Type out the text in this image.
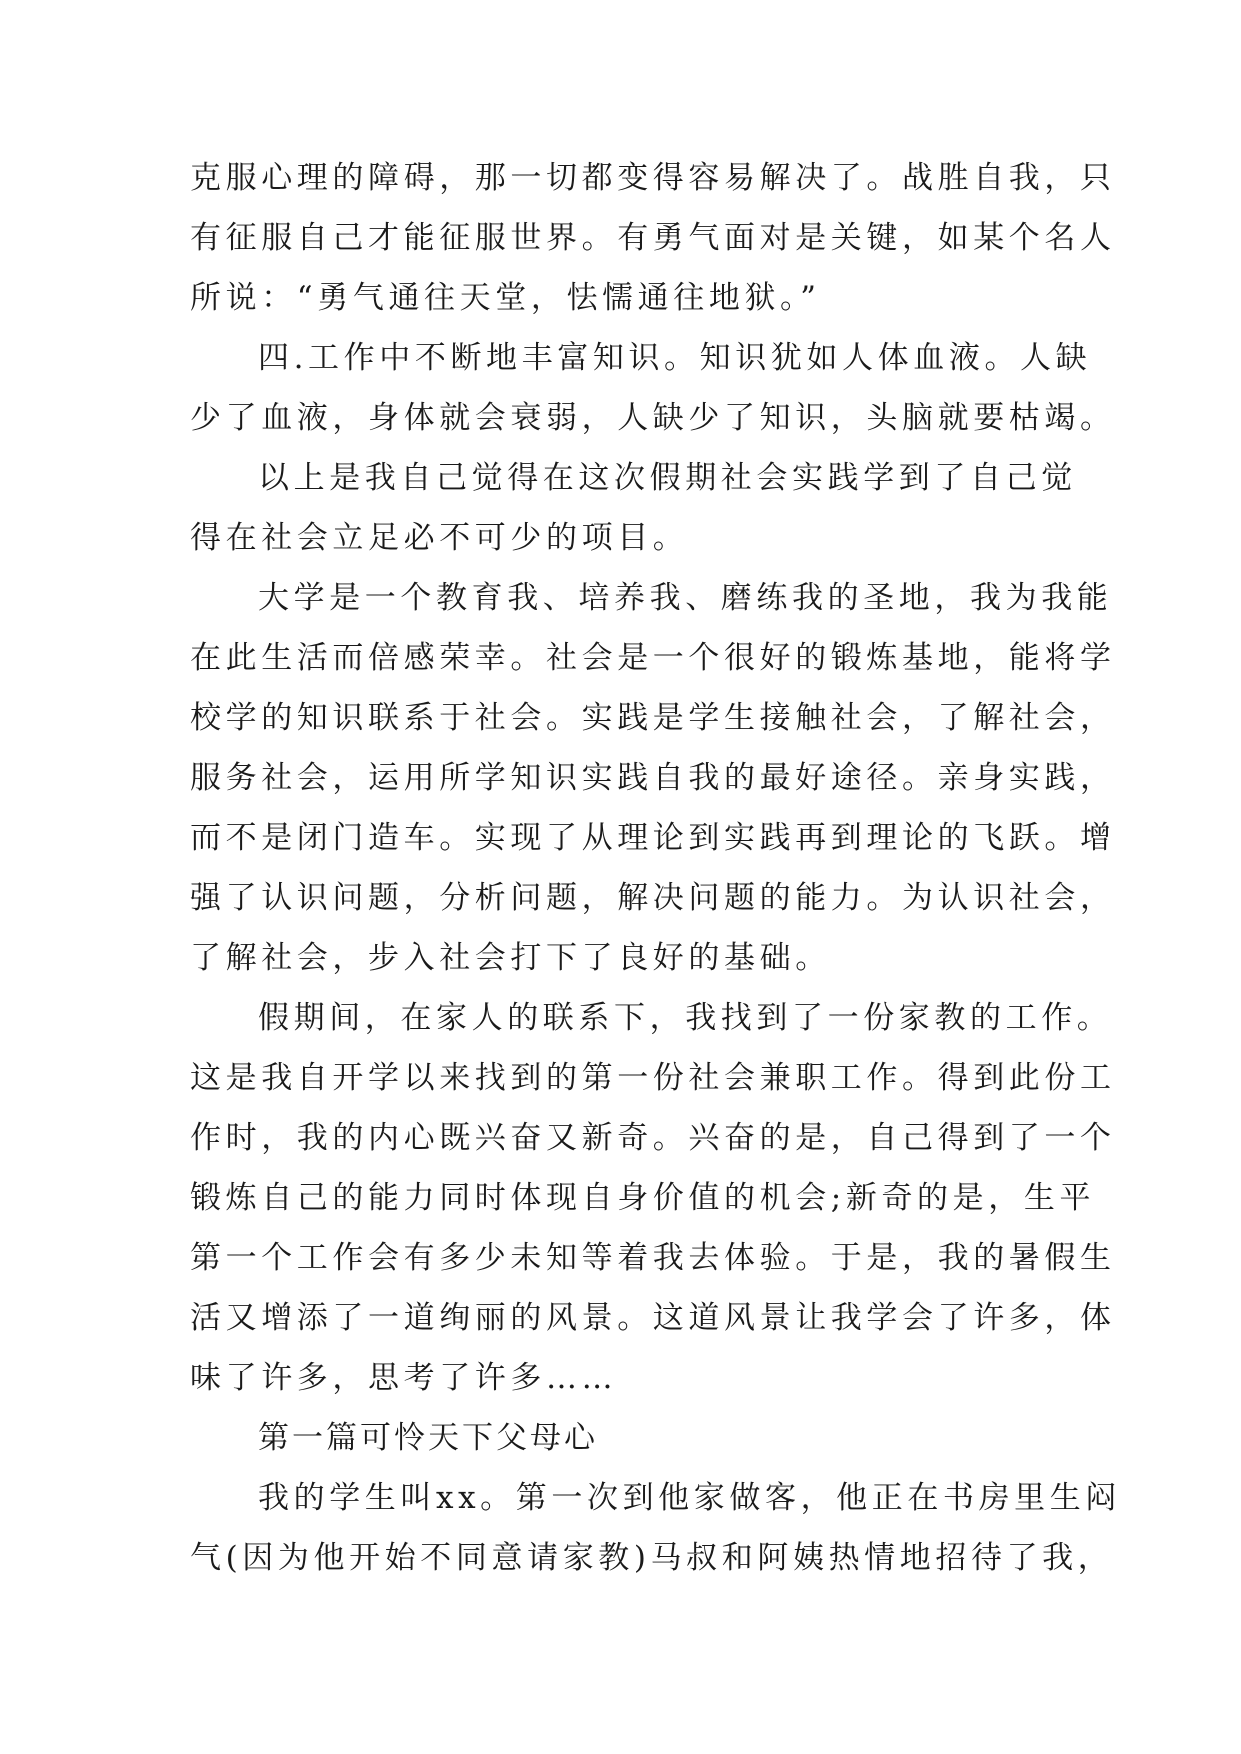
克服心理的障碍，那一切都变得容易解决了。战胜自我，只
有征服自己才能征服世界。有勇气面对是关键，如某个名人
所说：“勇气通往天堂，怯懦通往地狱。”
四.工作中不断地丰富知识。知识犹如人体血液。人缺
少了血液，身体就会衰弱，人缺少了知识，头脑就要枯竭。
以上是我自己觉得在这次假期社会实践学到了自己觉
得在社会立足必不可少的项目。
大学是一个教育我、培养我、磨练我的圣地，我为我能
在此生活而倍感荣幸。社会是一个很好的锻炼基地，能将学
校学的知识联系于社会。实践是学生接触社会，了解社会，
服务社会，运用所学知识实践自我的最好途径。亲身实践，
而不是闭门造车。实现了从理论到实践再到理论的飞跃。增
强了认识问题，分析问题，解决问题的能力。为认识社会，
了解社会，步入社会打下了良好的基础。
假期间，在家人的联系下，我找到了一份家教的工作。
这是我自开学以来找到的第一份社会兼职工作。得到此份工
作时，我的内心既兴奋又新奇。兴奋的是，自己得到了一个
锻炼自己的能力同时体现自身价值的机会;新奇的是，生平
第一个工作会有多少未知等着我去体验。于是，我的暑假生
活又增添了一道绚丽的风景。这道风景让我学会了许多，体
味了许多，思考了许多……
第一篇可怜天下父母心
我的学生叫xx。第一次到他家做客，他正在书房里生闷
气(因为他开始不同意请家教)马叔和阿姨热情地招待了我，
